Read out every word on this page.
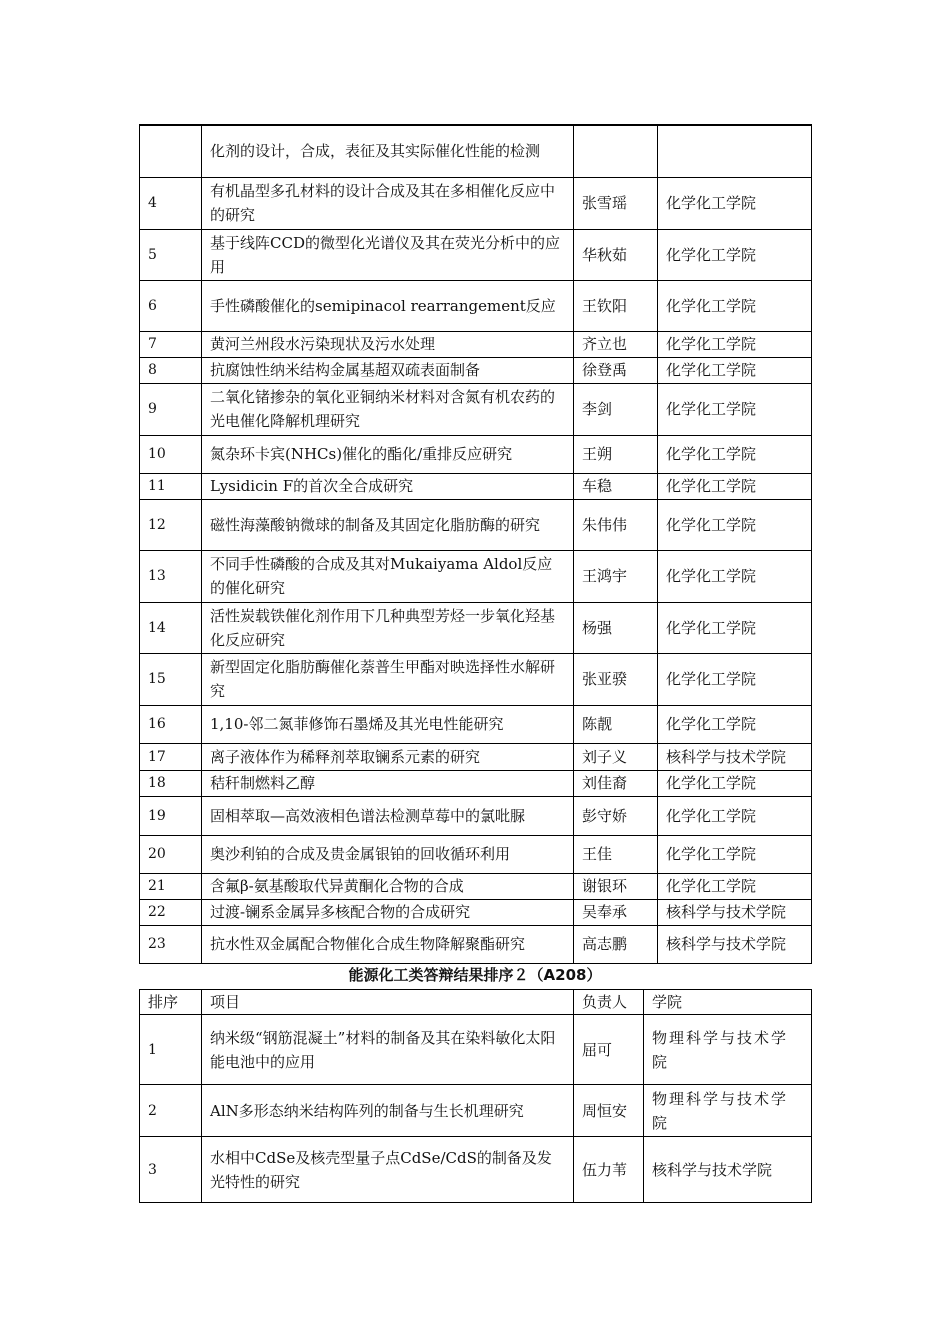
	化剂的设计，合成，表征及其实际催化性能的检测		
4	有机晶型多孔材料的设计合成及其在多相催化反应中的研究	张雪瑶	化学化工学院
5	基于线阵CCD的微型化光谱仪及其在荧光分析中的应用	华秋茹	化学化工学院
6	手性磷酸催化的semipinacol rearrangement反应	王钦阳	化学化工学院
7	黄河兰州段水污染现状及污水处理	齐立也	化学化工学院
8	抗腐蚀性纳米结构金属基超双疏表面制备	徐登禹	化学化工学院
9	二氧化锗掺杂的氧化亚铜纳米材料对含氮有机农药的光电催化降解机理研究	李剑	化学化工学院
10	氮杂环卡宾(NHCs)催化的酯化/重排反应研究	王朔	化学化工学院
11	Lysidicin F的首次全合成研究	车稳	化学化工学院
12	磁性海藻酸钠微球的制备及其固定化脂肪酶的研究	朱伟伟	化学化工学院
13	不同手性磷酸的合成及其对Mukaiyama Aldol反应的催化研究	王鸿宇	化学化工学院
14	活性炭载铁催化剂作用下几种典型芳烃一步氧化羟基化反应研究	杨强	化学化工学院
15	新型固定化脂肪酶催化萘普生甲酯对映选择性水解研究	张亚骙	化学化工学院
16	1,10-邻二氮菲修饰石墨烯及其光电性能研究	陈靓	化学化工学院
17	离子液体作为稀释剂萃取镧系元素的研究	刘子义	核科学与技术学院
18	秸秆制燃料乙醇	刘佳裔	化学化工学院
19	固相萃取—高效液相色谱法检测草莓中的氯吡脲	彭守娇	化学化工学院
20	奥沙利铂的合成及贵金属银铂的回收循环利用	王佳	化学化工学院
21	含氟β-氨基酸取代异黄酮化合物的合成	谢银环	化学化工学院
22	过渡-镧系金属异多核配合物的合成研究	吴奉承	核科学与技术学院
23	抗水性双金属配合物催化合成生物降解聚酯研究	高志鹏	核科学与技术学院
能源化工类答辩结果排序２（A208）
排序	项目	负责人	学院
1	纳米级“钢筋混凝土”材料的制备及其在染料敏化太阳能电池中的应用	屈可	物理科学与技术学院
2	AlN多形态纳米结构阵列的制备与生长机理研究	周恒安	物理科学与技术学院
3	水相中CdSe及核壳型量子点CdSe/CdS的制备及发光特性的研究	伍力苇	核科学与技术学院
